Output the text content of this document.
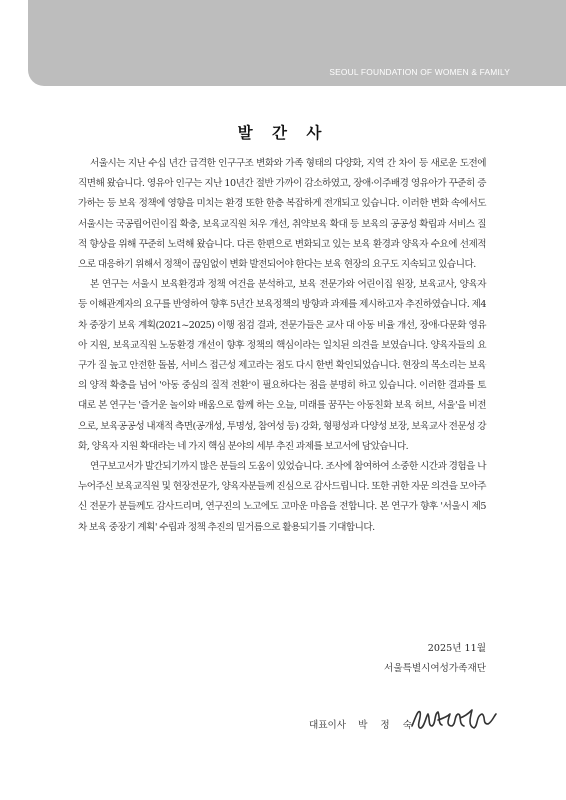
SEOUL FOUNDATION OF WOMEN & FAMILY
발 간 사

서울시는 지난 수십 년간 급격한 인구구조 변화와 가족 형태의 다양화, 지역 간 차이 등 새로운 도전에 직면해 왔습니다. 영유아 인구는 지난 10년간 절반 가까이 감소하였고, 장애·이주배경 영유아가 꾸준히 증가하는 등 보육 정책에 영향을 미치는 환경 또한 한층 복잡하게 전개되고 있습니다. 이러한 변화 속에서도 서울시는 국공립어린이집 확충, 보육교직원 처우 개선, 취약보육 확대 등 보육의 공공성 확립과 서비스 질적 향상을 위해 꾸준히 노력해 왔습니다. 다른 한편으로 변화되고 있는 보육 환경과 양육자 수요에 선제적으로 대응하기 위해서 정책이 끊임없이 변화 발전되어야 한다는 보육 현장의 요구도 지속되고 있습니다.

본 연구는 서울시 보육환경과 정책 여건을 분석하고, 보육 전문가와 어린이집 원장, 보육교사, 양육자 등 이해관계자의 요구를 반영하여 향후 5년간 보육정책의 방향과 과제를 제시하고자 추진하였습니다. 제4차 중장기 보육 계획(2021~2025) 이행 점검 결과, 전문가들은 교사 대 아동 비율 개선, 장애·다문화 영유아 지원, 보육교직원 노동환경 개선이 향후 정책의 핵심이라는 일치된 의견을 보였습니다. 양육자들의 요구가 질 높고 안전한 돌봄, 서비스 접근성 제고라는 점도 다시 한번 확인되었습니다. 현장의 목소리는 보육의 양적 확충을 넘어 '아동 중심의 질적 전환'이 필요하다는 점을 분명히 하고 있습니다. 이러한 결과를 토대로 본 연구는 '즐거운 놀이와 배움으로 함께 하는 오늘, 미래를 꿈꾸는 아동친화 보육 허브, 서울'을 비전으로, 보육공공성 내재적 측면(공개성, 투명성, 참여성 등) 강화, 형평성과 다양성 보장, 보육교사 전문성 강화, 양육자 지원 확대라는 네 가지 핵심 분야의 세부 추진 과제를 보고서에 담았습니다.

연구보고서가 발간되기까지 많은 분들의 도움이 있었습니다. 조사에 참여하여 소중한 시간과 경험을 나누어주신 보육교직원 및 현장전문가, 양육자분들께 진심으로 감사드립니다. 또한 귀한 자문 의견을 모아주신 전문가 분들께도 감사드리며, 연구진의 노고에도 고마운 마음을 전합니다. 본 연구가 향후 '서울시 제5차 보육 중장기 계획' 수립과 정책 추진의 밑거름으로 활용되기를 기대합니다.

2025년 11월
서울특별시여성가족재단
대표이사 박 정 숙
